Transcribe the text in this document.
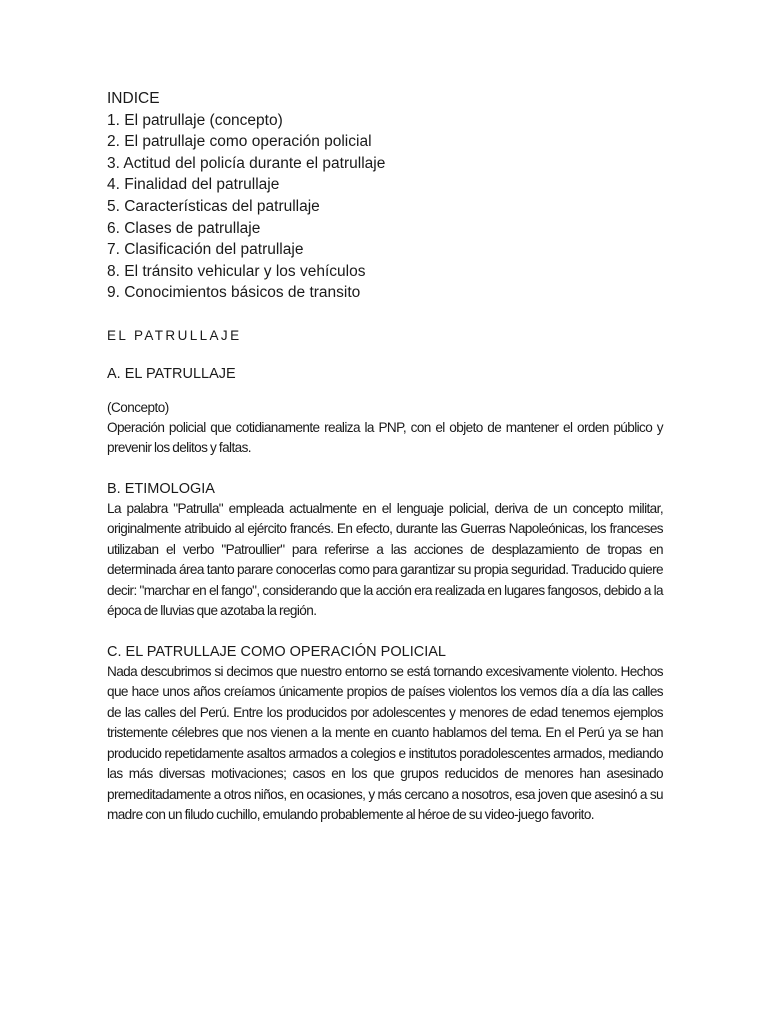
INDICE
1. El patrullaje (concepto)
2. El patrullaje como operación policial
3. Actitud del policía durante el patrullaje
4. Finalidad del patrullaje
5. Características del patrullaje
6. Clases de patrullaje
7. Clasificación del patrullaje
8. El tránsito vehicular y los vehículos
9. Conocimientos básicos de transito
EL PATRULLAJE
A. EL PATRULLAJE
(Concepto)

Operación policial que cotidianamente realiza la PNP, con el objeto de mantener el orden público y prevenir los delitos y faltas.

B. ETIMOLOGIA

La palabra "Patrulla" empleada actualmente en el lenguaje policial, deriva de un concepto militar, originalmente atribuido al ejército francés. En efecto, durante las Guerras Napoleónicas, los franceses utilizaban el verbo "Patroullier" para referirse a las acciones de desplazamiento de tropas en determinada área tanto parare conocerlas como para garantizar su propia seguridad. Traducido quiere decir: "marchar en el fango", considerando que la acción era realizada en lugares fangosos, debido a la época de lluvias que azotaba la región.

C. EL PATRULLAJE COMO OPERACIÓN POLICIAL

Nada descubrimos si decimos que nuestro entorno se está tornando excesivamente violento. Hechos que hace unos años creíamos únicamente propios de países violentos los vemos día a día las calles de las calles del Perú. Entre los producidos por adolescentes y menores de edad tenemos ejemplos tristemente célebres que nos vienen a la mente en cuanto hablamos del tema. En el Perú ya se han producido repetidamente asaltos armados a colegios e institutos poradolescentes armados, mediando las más diversas motivaciones; casos en los que grupos reducidos de menores han asesinado premeditadamente a otros niños, en ocasiones, y más cercano a nosotros, esa joven que asesinó a su madre con un filudo cuchillo, emulando probablemente al héroe de su video-juego favorito.
